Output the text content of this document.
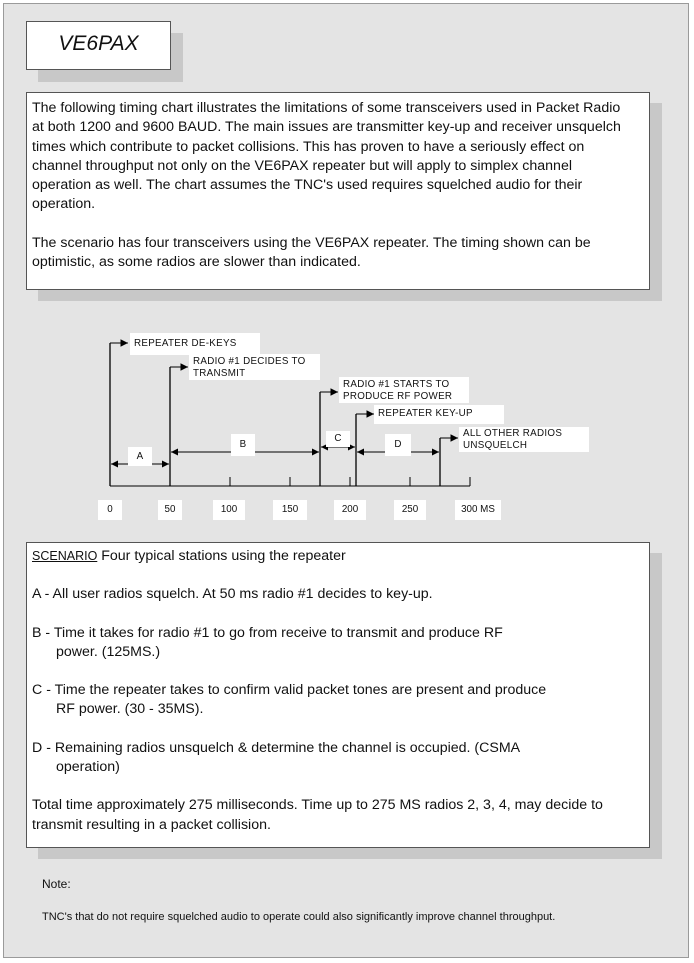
VE6PAX

The following timing chart illustrates the limitations of some transceivers used in Packet Radio at both 1200 and 9600 BAUD. The main issues are transmitter key-up and receiver unsquelch times which contribute to packet collisions. This has proven to have a seriously effect on channel throughput not only on the VE6PAX repeater but will apply to simplex channel operation as well. The chart assumes the TNC's used requires squelched audio for their operation.

The scenario has four transceivers using the VE6PAX repeater. The timing shown can be optimistic, as some radios are slower than indicated.

REPEATER DE-KEYS
RADIO #1 DECIDES TO
TRANSMIT
RADIO #1 STARTS TO
PRODUCE RF POWER
REPEATER KEY-UP
ALL OTHER RADIOS
UNSQUELCH
A
B
C
D
0	50	100	150	200	250	300 MS

SCENARIO Four typical stations using the repeater

A - All user radios squelch. At 50 ms radio #1 decides to key-up.

B - Time it takes for radio #1 to go from receive to transmit and produce RF

power. (125MS.)

C - Time the repeater takes to confirm valid packet tones are present and produce

RF power. (30 - 35MS).

D - Remaining radios unsquelch & determine the channel is occupied. (CSMA

operation)

Total time approximately 275 milliseconds. Time up to 275 MS radios 2, 3, 4, may decide to transmit resulting in a packet collision.

Note:
TNC's that do not require squelched audio to operate could also significantly improve channel throughput.
